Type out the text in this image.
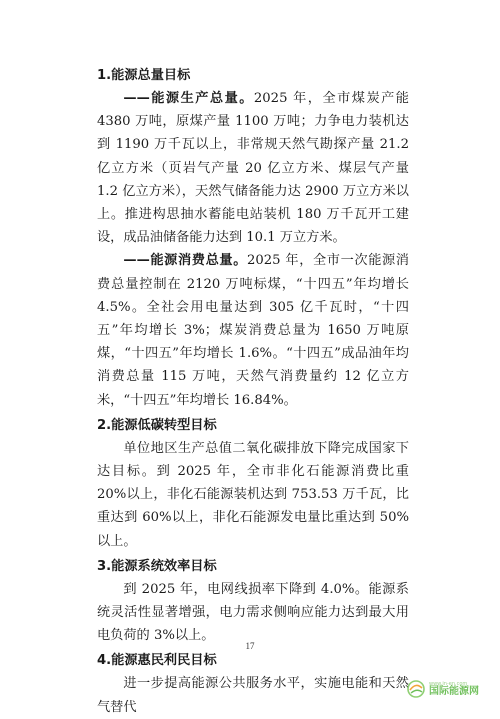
1.能源总量目标

——能源生产总量。2025 年，全市煤炭产能 4380 万吨，原煤产量 1100 万吨；力争电力装机达到 1190 万千瓦以上，非常规天然气勘探产量 21.2 亿立方米（页岩气产量 20 亿立方米、煤层气产量 1.2 亿立方米），天然气储备能力达 2900 万立方米以上。推进构思抽水蓄能电站装机 180 万千瓦开工建设，成品油储备能力达到 10.1 万立方米。

——能源消费总量。2025 年，全市一次能源消费总量控制在 2120 万吨标煤，“十四五”年均增长 4.5%。全社会用电量达到 305 亿千瓦时，“十四五”年均增长 3%；煤炭消费总量为 1650 万吨原煤，“十四五”年均增长 1.6%。“十四五”成品油年均消费总量 115 万吨，天然气消费量约 12 亿立方米，“十四五”年均增长 16.84%。

2.能源低碳转型目标

单位地区生产总值二氧化碳排放下降完成国家下达目标。到 2025 年，全市非化石能源消费比重 20%以上，非化石能源装机达到 753.53 万千瓦，比重达到 60%以上，非化石能源发电量比重达到 50%以上。

3.能源系统效率目标

到 2025 年，电网线损率下降到 4.0%。能源系统灵活性显著增强，电力需求侧响应能力达到最大用电负荷的 3%以上。

4.能源惠民利民目标

进一步提高能源公共服务水平，实施电能和天然气替代

17
www.in-en.com
国际能源网
